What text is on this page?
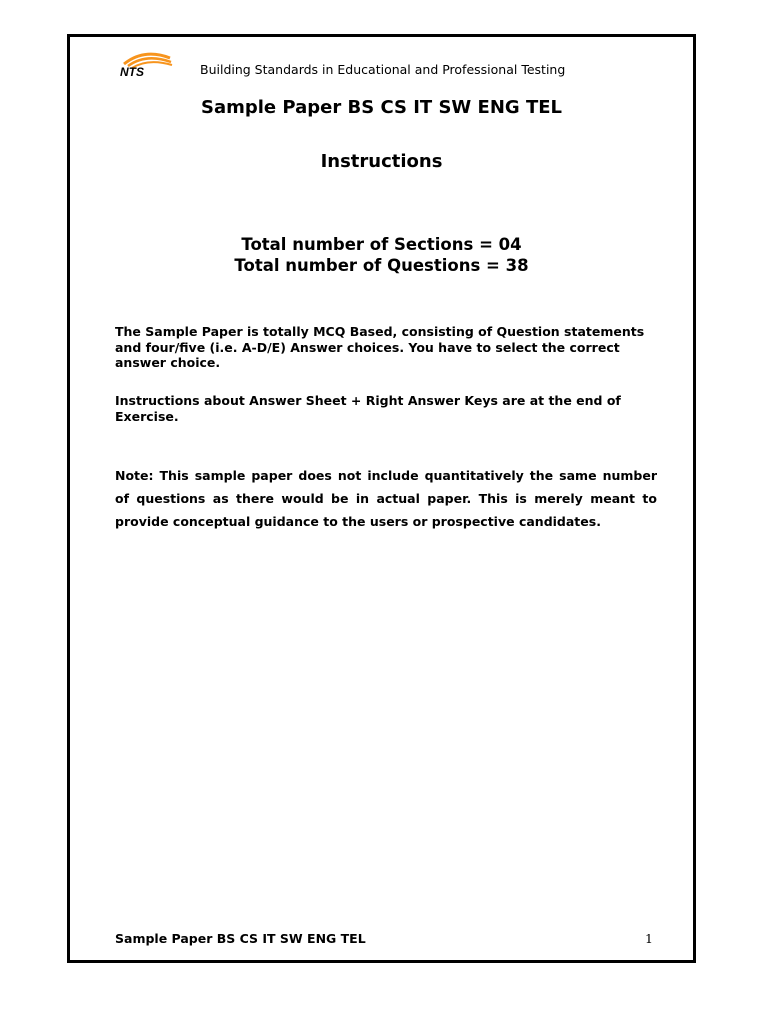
NTS	Building Standards in Educational and Professional Testing
Sample Paper BS CS IT SW ENG TEL
Instructions
Total number of Sections = 04
Total number of Questions = 38
The Sample Paper is totally MCQ Based, consisting of Question statements and four/five (i.e. A-D/E) Answer choices. You have to select the correct answer choice.
Instructions about Answer Sheet + Right Answer Keys are at the end of Exercise.
Note: This sample paper does not include quantitatively the same number of questions as there would be in actual paper. This is merely meant to provide conceptual guidance to the users or prospective candidates.
Sample Paper BS CS IT SW ENG TEL	1
